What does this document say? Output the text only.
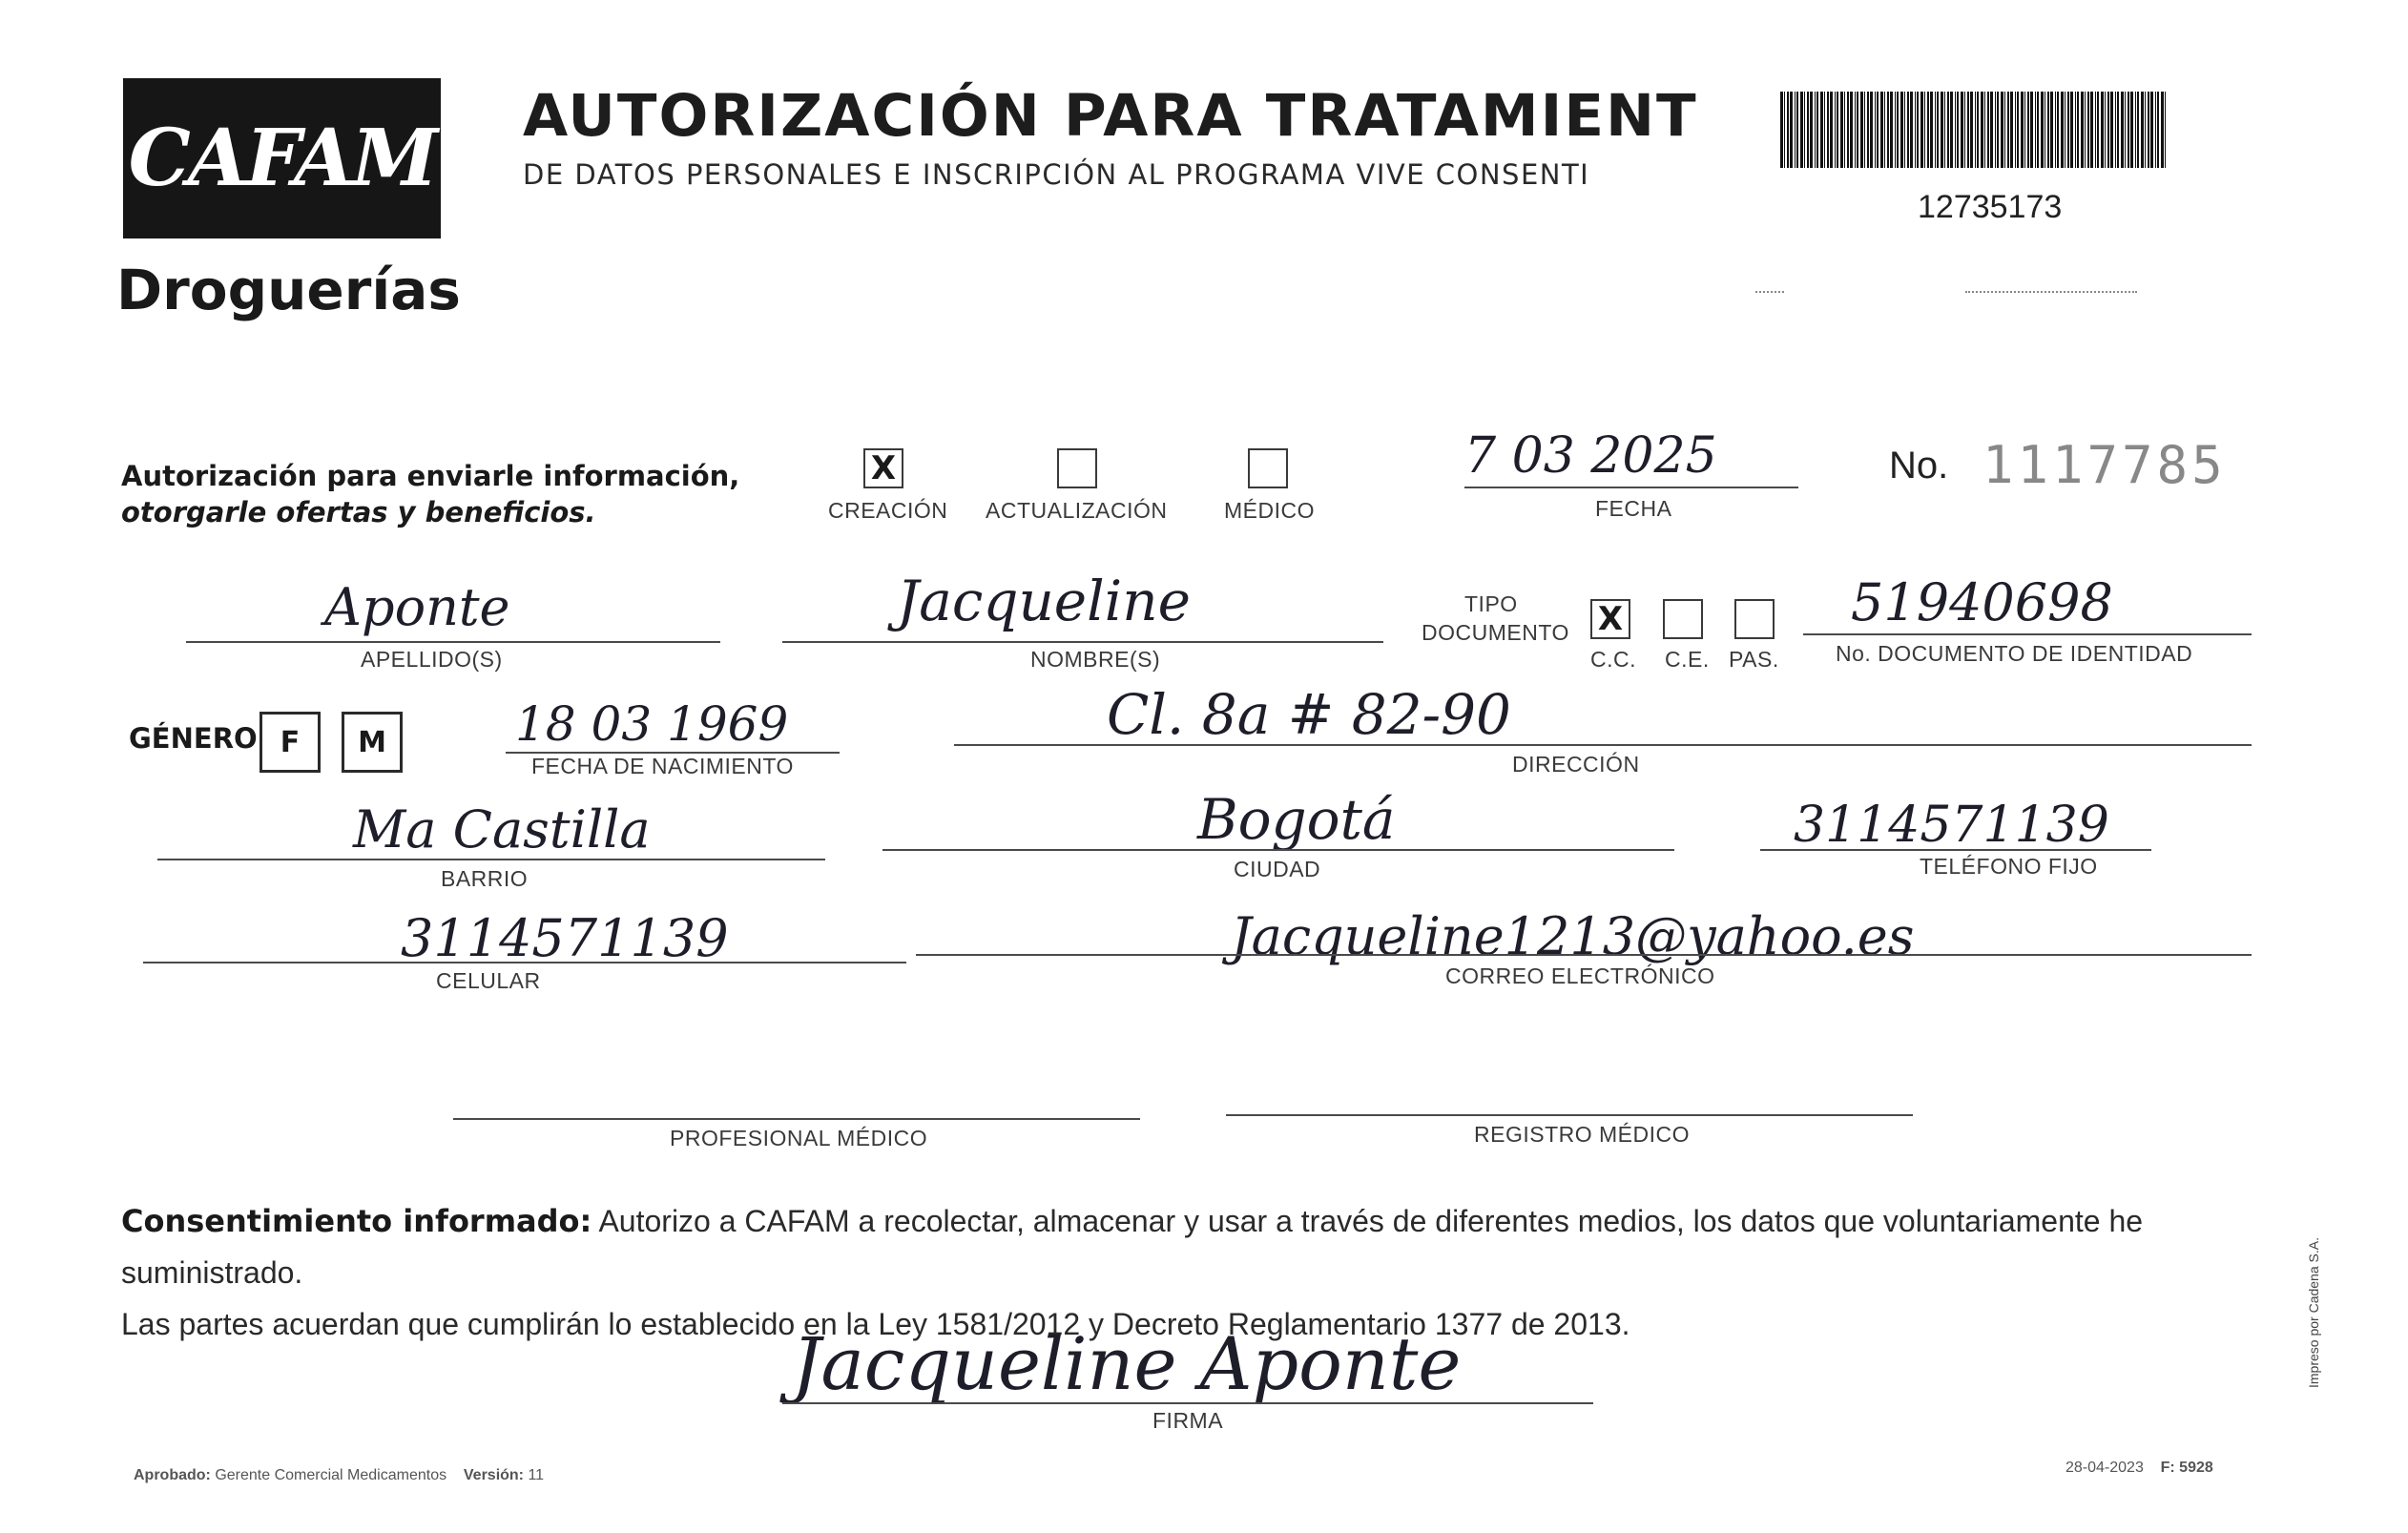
CAFAM
Droguerías
AUTORIZACIÓN PARA TRATAMIENT
DE DATOS PERSONALES E INSCRIPCIÓN AL PROGRAMA VIVE CONSENTI
12735173
Autorización para enviarle información,
otorgarle ofertas y beneficios.
X
CREACIÓN ACTUALIZACIÓN	MÉDICO
7 03 2025
FECHA
No. 1117785
Aponte
APELLIDO(S)
Jacqueline
NOMBRE(S)
TIPO
DOCUMENTO X
C.C. C.E. PAS.
51940698
No. DOCUMENTO DE IDENTIDAD
GÉNERO F	M	18 03 1969
FECHA DE NACIMIENTO
Cl. 8a # 82-90
DIRECCIÓN
Ma Castilla
BARRIO
Bogotá
CIUDAD
3114571139
TELÉFONO FIJO
3114571139
CELULAR
Jacqueline1213@yahoo.es
CORREO ELECTRÓNICO
PROFESIONAL MÉDICO	REGISTRO MÉDICO
Consentimiento informado: Autorizo a CAFAM a recolectar, almacenar y usar a través de diferentes medios, los datos que voluntariamente he suministrado.
Las partes acuerdan que cumplirán lo establecido en la Ley 1581/2012 y Decreto Reglamentario 1377 de 2013.
Jacqueline Aponte
FIRMA
Aprobado: Gerente Comercial Medicamentos Versión: 11	28-04-2023 F: 5928
Impreso por Cadena S.A.
